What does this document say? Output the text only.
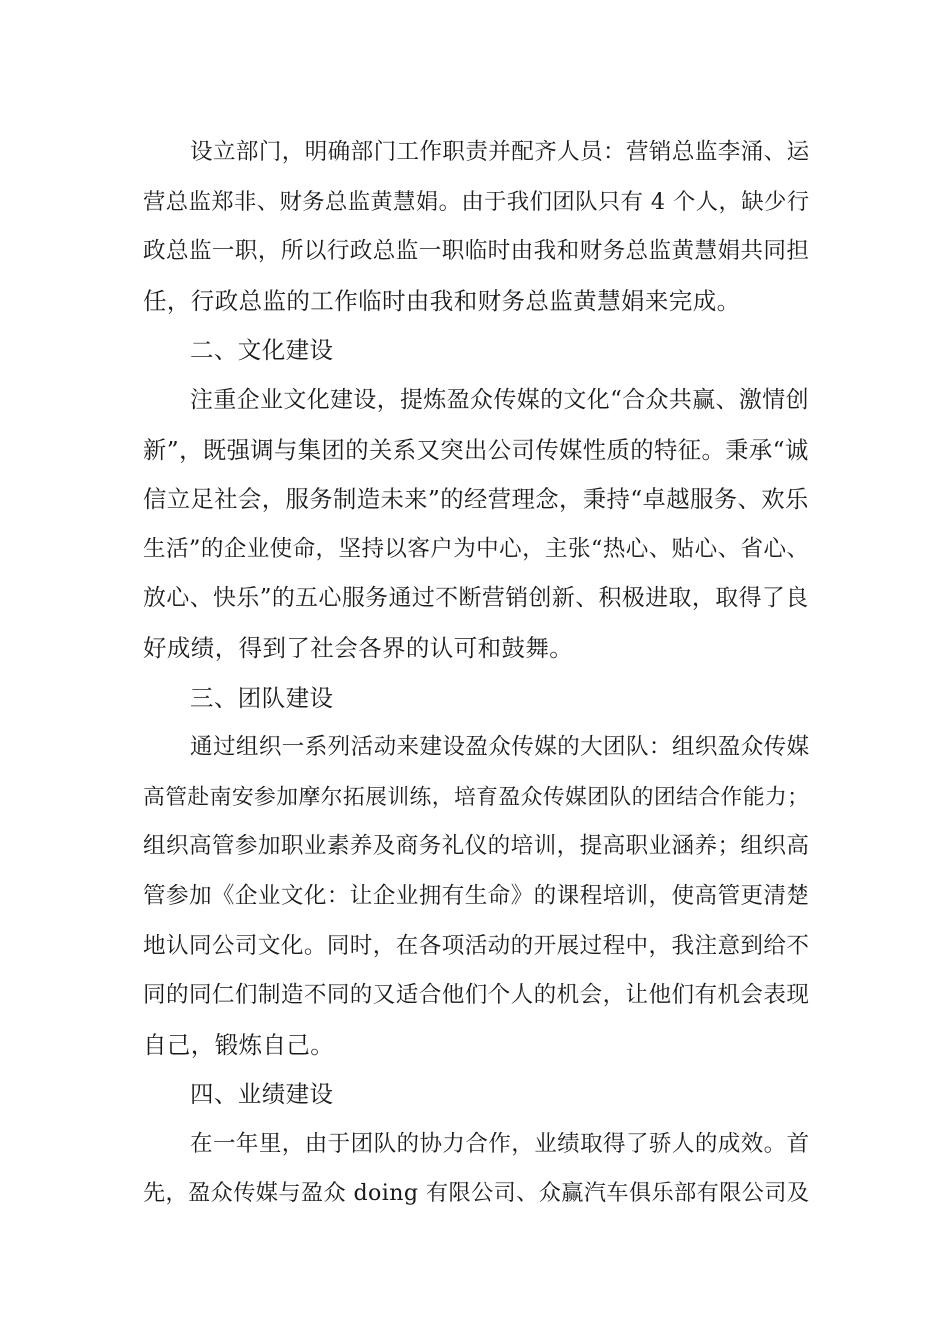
设立部门，明确部门工作职责并配齐人员：营销总监李涌、运
营总监郑非、财务总监黄慧娟。由于我们团队只有 4 个人，缺少行
政总监一职，所以行政总监一职临时由我和财务总监黄慧娟共同担
任，行政总监的工作临时由我和财务总监黄慧娟来完成。
二、文化建设
注重企业文化建设，提炼盈众传媒的文化“合众共赢、激情创
新”，既强调与集团的关系又突出公司传媒性质的特征。秉承“诚
信立足社会，服务制造未来”的经营理念，秉持“卓越服务、欢乐
生活”的企业使命，坚持以客户为中心，主张“热心、贴心、省心、
放心、快乐”的五心服务通过不断营销创新、积极进取，取得了良
好成绩，得到了社会各界的认可和鼓舞。
三、团队建设
通过组织一系列活动来建设盈众传媒的大团队：组织盈众传媒
高管赴南安参加摩尔拓展训练，培育盈众传媒团队的团结合作能力；
组织高管参加职业素养及商务礼仪的培训，提高职业涵养；组织高
管参加《企业文化：让企业拥有生命》的课程培训，使高管更清楚
地认同公司文化。同时，在各项活动的开展过程中，我注意到给不
同的同仁们制造不同的又适合他们个人的机会，让他们有机会表现
自己，锻炼自己。
四、业绩建设
在一年里，由于团队的协力合作，业绩取得了骄人的成效。首
先，盈众传媒与盈众 doing 有限公司、众赢汽车俱乐部有限公司及
